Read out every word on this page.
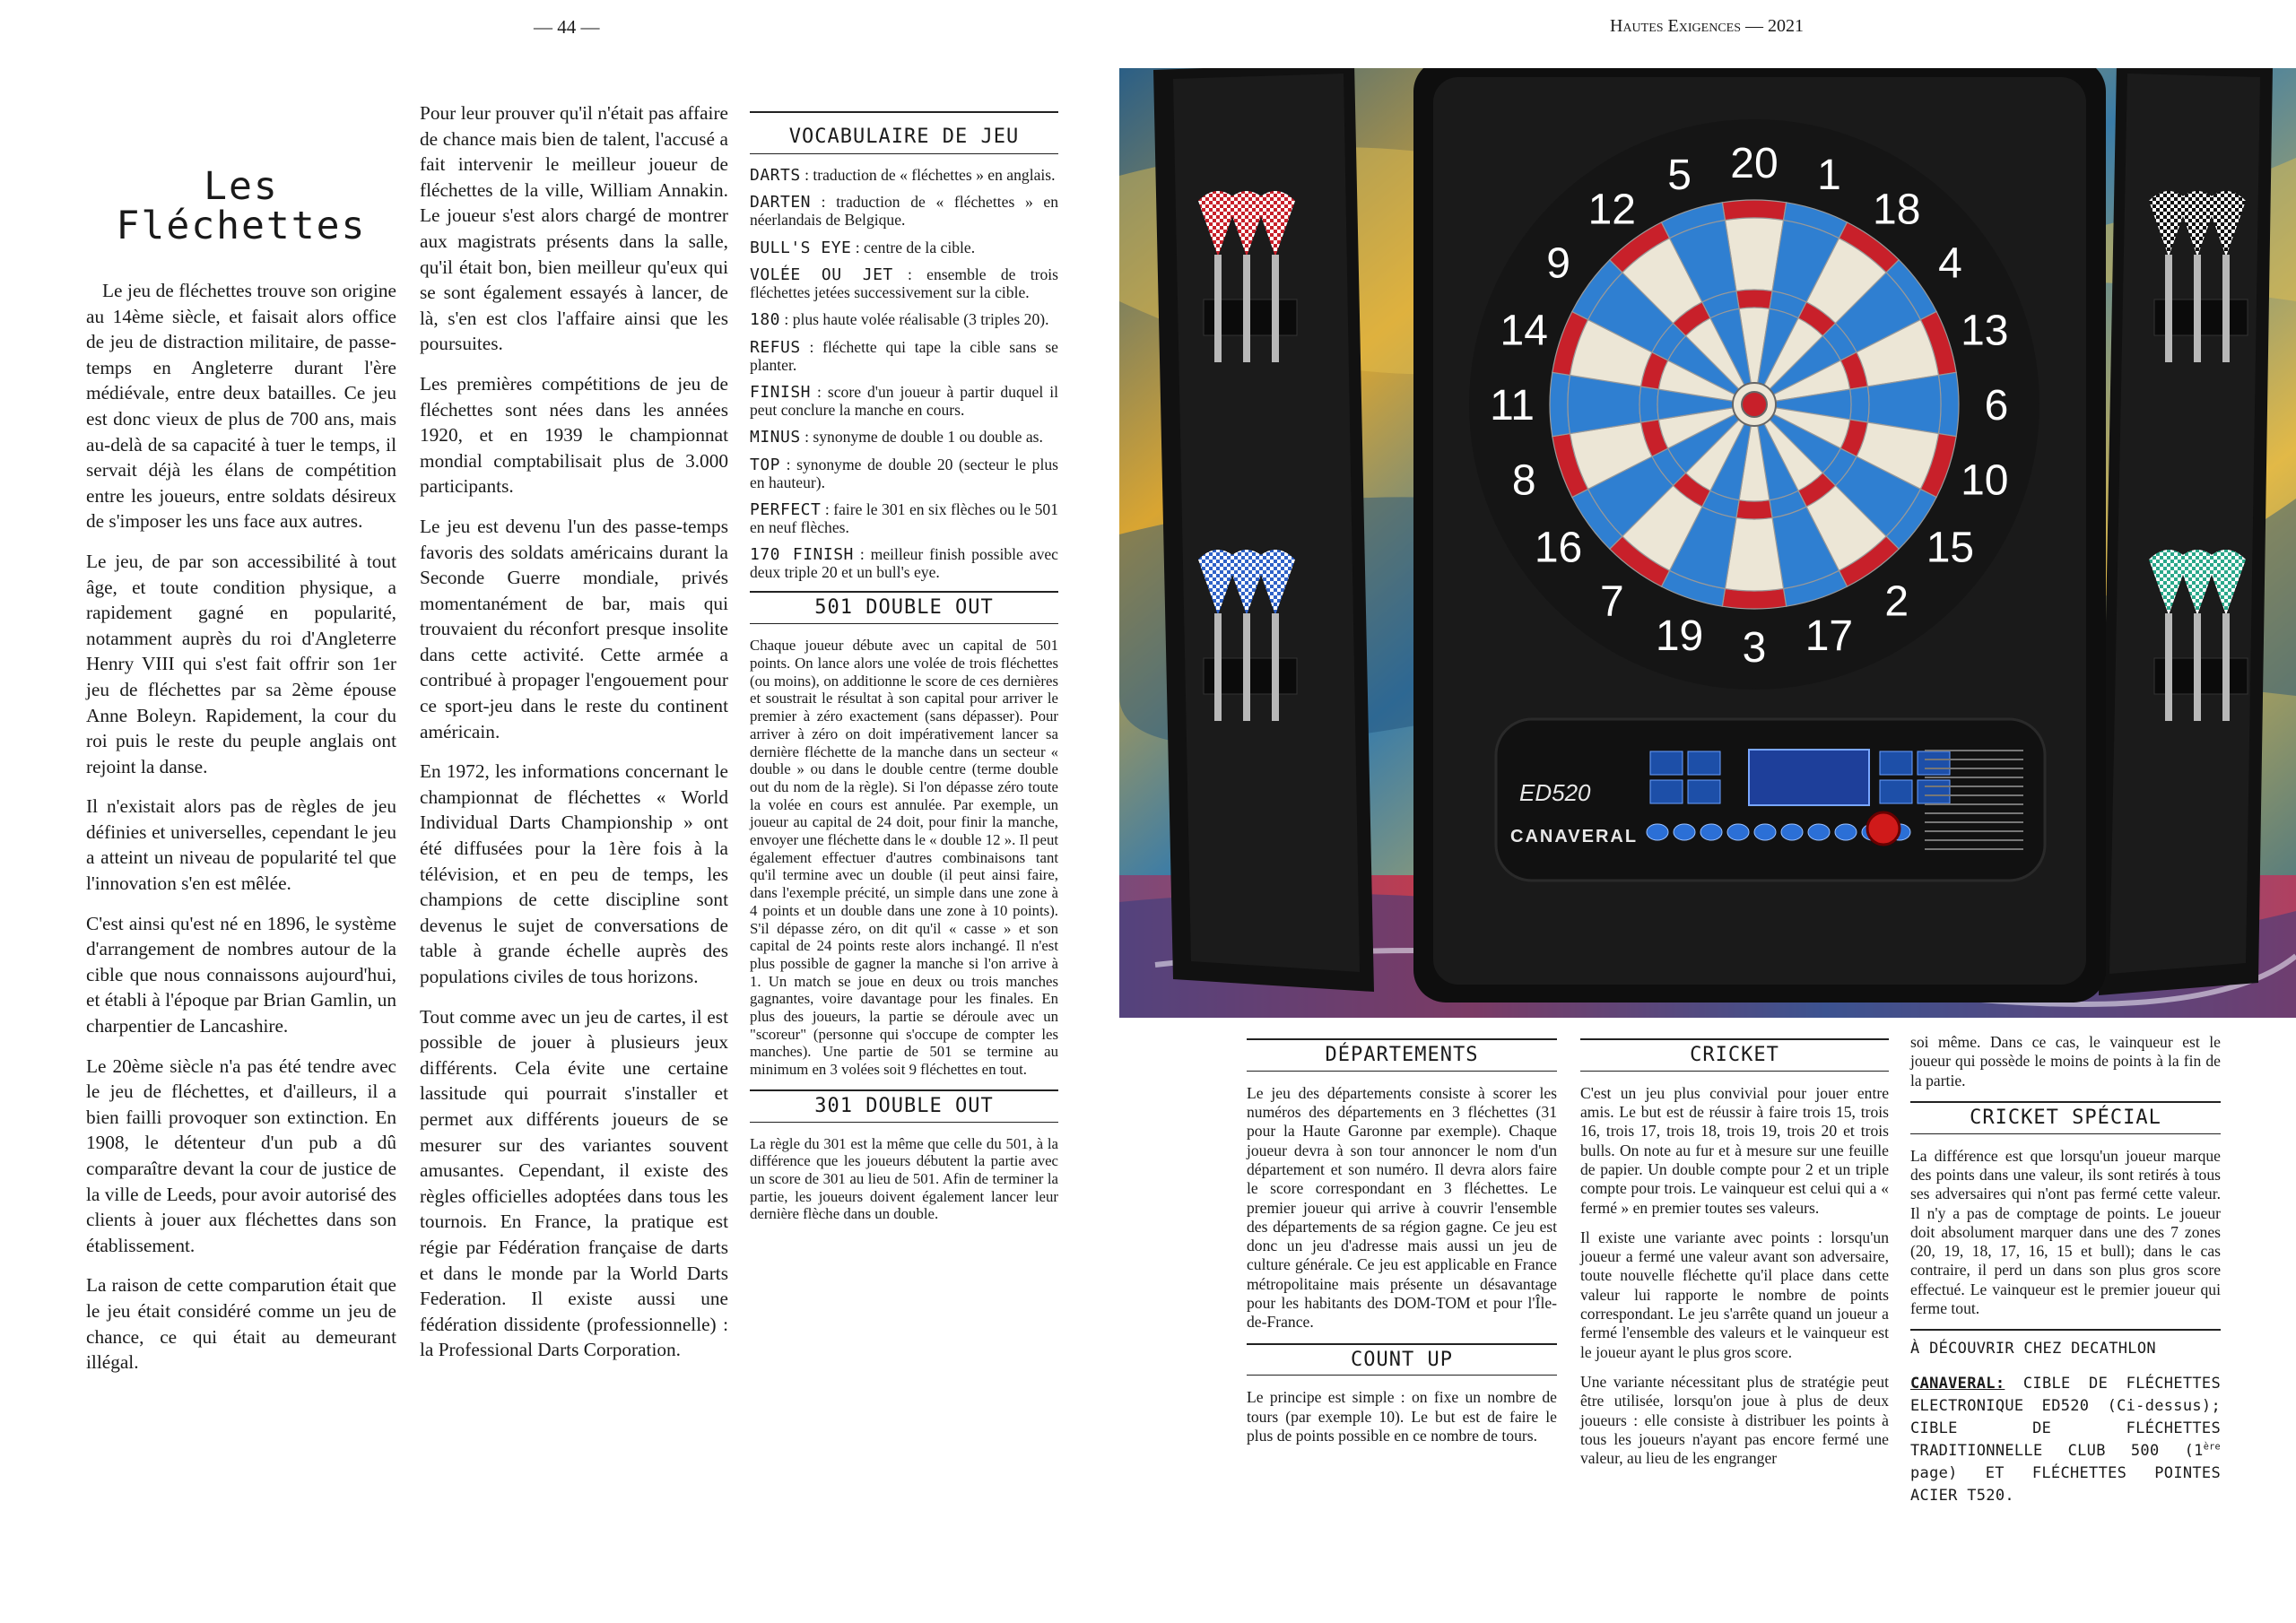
— 44 —	Hautes Exigences — 2021
Les
Fléchettes

Le jeu de fléchettes trouve son origine au 14ème siècle, et faisait alors office de jeu de distraction militaire, de passe-temps en Angleterre durant l'ère médiévale, entre deux batailles. Ce jeu est donc vieux de plus de 700 ans, mais au-delà de sa capacité à tuer le temps, il servait déjà les élans de compétition entre les joueurs, entre soldats désireux de s'imposer les uns face aux autres.

Le jeu, de par son accessibilité à tout âge, et toute condition physique, a rapidement gagné en popularité, notamment auprès du roi d'Angleterre Henry VIII qui s'est fait offrir son 1er jeu de fléchettes par sa 2ème épouse Anne Boleyn. Rapidement, la cour du roi puis le reste du peuple anglais ont rejoint la danse.

Il n'existait alors pas de règles de jeu définies et universelles, cependant le jeu a atteint un niveau de popularité tel que l'innovation s'en est mêlée.

C'est ainsi qu'est né en 1896, le système d'arrangement de nombres autour de la cible que nous connaissons aujourd'hui, et établi à l'époque par Brian Gamlin, un charpentier de Lancashire.

Le 20ème siècle n'a pas été tendre avec le jeu de fléchettes, et d'ailleurs, il a bien failli provoquer son extinction. En 1908, le détenteur d'un pub a dû comparaître devant la cour de justice de la ville de Leeds, pour avoir autorisé des clients à jouer aux fléchettes dans son établissement.

La raison de cette comparution était que le jeu était considéré comme un jeu de chance, ce qui était au demeurant illégal.

Pour leur prouver qu'il n'était pas affaire de chance mais bien de talent, l'accusé a fait intervenir le meilleur joueur de fléchettes de la ville, William Annakin. Le joueur s'est alors chargé de montrer aux magistrats présents dans la salle, qu'il était bon, bien meilleur qu'eux qui se sont également essayés à lancer, de là, s'en est clos l'affaire ainsi que les poursuites.

Les premières compétitions de jeu de fléchettes sont nées dans les années 1920, et en 1939 le championnat mondial comptabilisait plus de 3.000 participants.

Le jeu est devenu l'un des passe-temps favoris des soldats américains durant la Seconde Guerre mondiale, privés momentanément de bar, mais qui trouvaient du réconfort presque insolite dans cette activité. Cette armée a contribué à propager l'engouement pour ce sport-jeu dans le reste du continent américain.

En 1972, les informations concernant le championnat de fléchettes « World Individual Darts Championship » ont été diffusées pour la 1ère fois à la télévision, et en peu de temps, les champions de cette discipline sont devenus le sujet de conversations de table à grande échelle auprès des populations civiles de tous horizons.

Tout comme avec un jeu de cartes, il est possible de jouer à plusieurs jeux différents. Cela évite une certaine lassitude qui pourrait s'installer et permet aux différents joueurs de se mesurer sur des variantes souvent amusantes. Cependant, il existe des règles officielles adoptées dans tous les tournois. En France, la pratique est régie par Fédération française de darts et dans le monde par la World Darts Federation. Il existe aussi une fédération dissidente (professionnelle) : la Professional Darts Corporation.

VOCABULAIRE DE JEU

DARTS : traduction de « fléchettes » en anglais.

DARTEN : traduction de « fléchettes » en néerlandais de Belgique.

BULL'S EYE : centre de la cible.

VOLÉE OU JET : ensemble de trois fléchettes jetées successivement sur la cible.

180 : plus haute volée réalisable (3 triples 20).

REFUS : fléchette qui tape la cible sans se planter.

FINISH : score d'un joueur à partir duquel il peut conclure la manche en cours.

MINUS : synonyme de double 1 ou double as.

TOP : synonyme de double 20 (secteur le plus en hauteur).

PERFECT : faire le 301 en six flèches ou le 501 en neuf flèches.

170 FINISH : meilleur finish possible avec deux triple 20 et un bull's eye.

501 DOUBLE OUT

Chaque joueur débute avec un capital de 501 points. On lance alors une volée de trois fléchettes (ou moins), on additionne le score de ces dernières et soustrait le résultat à son capital pour arriver le premier à zéro exactement (sans dépasser). Pour arriver à zéro on doit impérativement lancer sa dernière fléchette de la manche dans un secteur « double » ou dans le double centre (terme double out du nom de la règle). Si l'on dépasse zéro toute la volée en cours est annulée. Par exemple, un joueur au capital de 24 doit, pour finir la manche, envoyer une fléchette dans le « double 12 ». Il peut également effectuer d'autres combinaisons tant qu'il termine avec un double (il peut ainsi faire, dans l'exemple précité, un simple dans une zone à 4 points et un double dans une zone à 10 points). S'il dépasse zéro, on dit qu'il « casse » et son capital de 24 points reste alors inchangé. Il n'est plus possible de gagner la manche si l'on arrive à 1. Un match se joue en deux ou trois manches gagnantes, voire davantage pour les finales. En plus des joueurs, la partie se déroule avec un "scoreur" (personne qui s'occupe de compter les manches). Une partie de 501 se termine au minimum en 3 volées soit 9 fléchettes en tout.

301 DOUBLE OUT

La règle du 301 est la même que celle du 501, à la différence que les joueurs débutent la partie avec un score de 301 au lieu de 501. Afin de terminer la partie, les joueurs doivent également lancer leur dernière flèche dans un double.

20 1
18
4
13
6
10
15
2
17
3
19
7
16
8
11
14
9
12
5
ED520
CANAVERAL
DÉPARTEMENTS

Le jeu des départements consiste à scorer les numéros des départements en 3 fléchettes (31 pour la Haute Garonne par exemple). Chaque joueur devra à son tour annoncer le nom d'un département et son numéro. Il devra alors faire le score correspondant en 3 fléchettes. Le premier joueur qui arrive à couvrir l'ensemble des départements de sa région gagne. Ce jeu est donc un jeu d'adresse mais aussi un jeu de culture générale. Ce jeu est applicable en France métropolitaine mais présente un désavantage pour les habitants des DOM-TOM et pour l'Île-de-France.

COUNT UP

Le principe est simple : on fixe un nombre de tours (par exemple 10). Le but est de faire le plus de points possible en ce nombre de tours.

CRICKET

C'est un jeu plus convivial pour jouer entre amis. Le but est de réussir à faire trois 15, trois 16, trois 17, trois 18, trois 19, trois 20 et trois bulls. On note au fur et à mesure sur une feuille de papier. Un double compte pour 2 et un triple compte pour trois. Le vainqueur est celui qui a « fermé » en premier toutes ses valeurs.

Il existe une variante avec points : lorsqu'un joueur a fermé une valeur avant son adversaire, toute nouvelle fléchette qu'il place dans cette valeur lui rapporte le nombre de points correspondant. Le jeu s'arrête quand un joueur a fermé l'ensemble des valeurs et le vainqueur est le joueur ayant le plus gros score.

Une variante nécessitant plus de stratégie peut être utilisée, lorsqu'on joue à plus de deux joueurs : elle consiste à distribuer les points à tous les joueurs n'ayant pas encore fermé une valeur, au lieu de les engranger

soi même. Dans ce cas, le vainqueur est le joueur qui possède le moins de points à la fin de la partie.

CRICKET SPÉCIAL

La différence est que lorsqu'un joueur marque des points dans une valeur, ils sont retirés à tous ses adversaires qui n'ont pas fermé cette valeur. Il n'y a pas de comptage de points. Le joueur doit absolument marquer dans une des 7 zones (20, 19, 18, 17, 16, 15 et bull); dans le cas contraire, il perd un dans son plus gros score effectué. Le vainqueur est le premier joueur qui ferme tout.

À DÉCOUVRIR CHEZ DECATHLON
CANAVERAL: CIBLE DE FLÉCHETTES ELECTRONIQUE ED520 (Ci-dessus); CIBLE DE FLÉCHETTES TRADITIONNELLE CLUB 500 (1ère page) ET FLÉCHETTES POINTES ACIER T520.
